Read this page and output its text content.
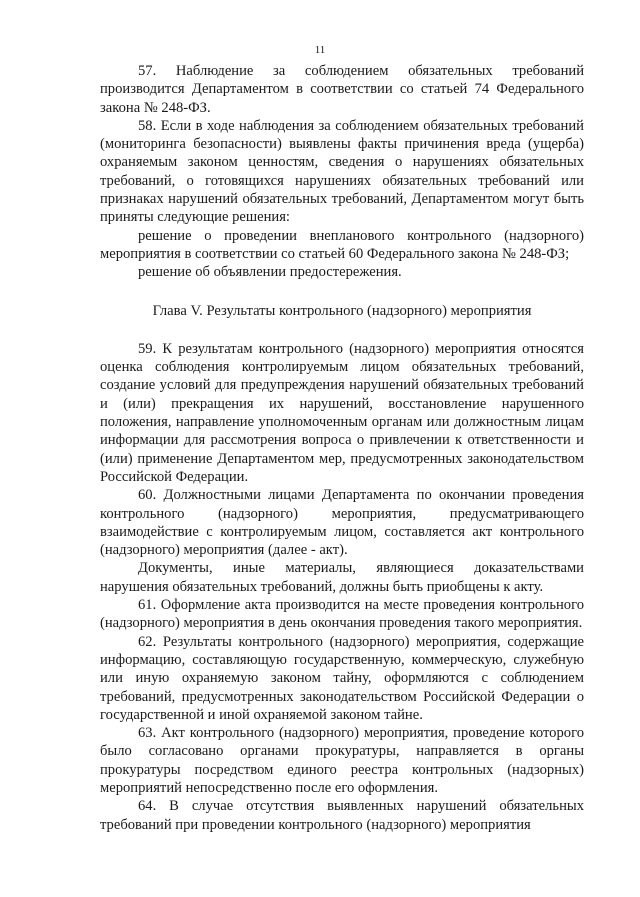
11

57. Наблюдение за соблюдением обязательных требований производится Департаментом в соответствии со статьей 74 Федерального закона № 248-ФЗ.

58. Если в ходе наблюдения за соблюдением обязательных требований (мониторинга безопасности) выявлены факты причинения вреда (ущерба) охраняемым законом ценностям, сведения о нарушениях обязательных требований, о готовящихся нарушениях обязательных требований или признаках нарушений обязательных требований, Департаментом могут быть приняты следующие решения:

решение о проведении внепланового контрольного (надзорного) мероприятия в соответствии со статьей 60 Федерального закона № 248-ФЗ;

решение об объявлении предостережения.

Глава V. Результаты контрольного (надзорного) мероприятия

59. К результатам контрольного (надзорного) мероприятия относятся оценка соблюдения контролируемым лицом обязательных требований, создание условий для предупреждения нарушений обязательных требований и (или) прекращения их нарушений, восстановление нарушенного положения, направление уполномоченным органам или должностным лицам информации для рассмотрения вопроса о привлечении к ответственности и (или) применение Департаментом мер, предусмотренных законодательством Российской Федерации.

60. Должностными лицами Департамента по окончании проведения контрольного (надзорного) мероприятия, предусматривающего взаимодействие с контролируемым лицом, составляется акт контрольного (надзорного) мероприятия (далее - акт).

Документы, иные материалы, являющиеся доказательствами нарушения обязательных требований, должны быть приобщены к акту.

61. Оформление акта производится на месте проведения контрольного (надзорного) мероприятия в день окончания проведения такого мероприятия.

62. Результаты контрольного (надзорного) мероприятия, содержащие информацию, составляющую государственную, коммерческую, служебную или иную охраняемую законом тайну, оформляются с соблюдением требований, предусмотренных законодательством Российской Федерации о государственной и иной охраняемой законом тайне.

63. Акт контрольного (надзорного) мероприятия, проведение которого было согласовано органами прокуратуры, направляется в органы прокуратуры посредством единого реестра контрольных (надзорных) мероприятий непосредственно после его оформления.

64. В случае отсутствия выявленных нарушений обязательных требований при проведении контрольного (надзорного) мероприятия
